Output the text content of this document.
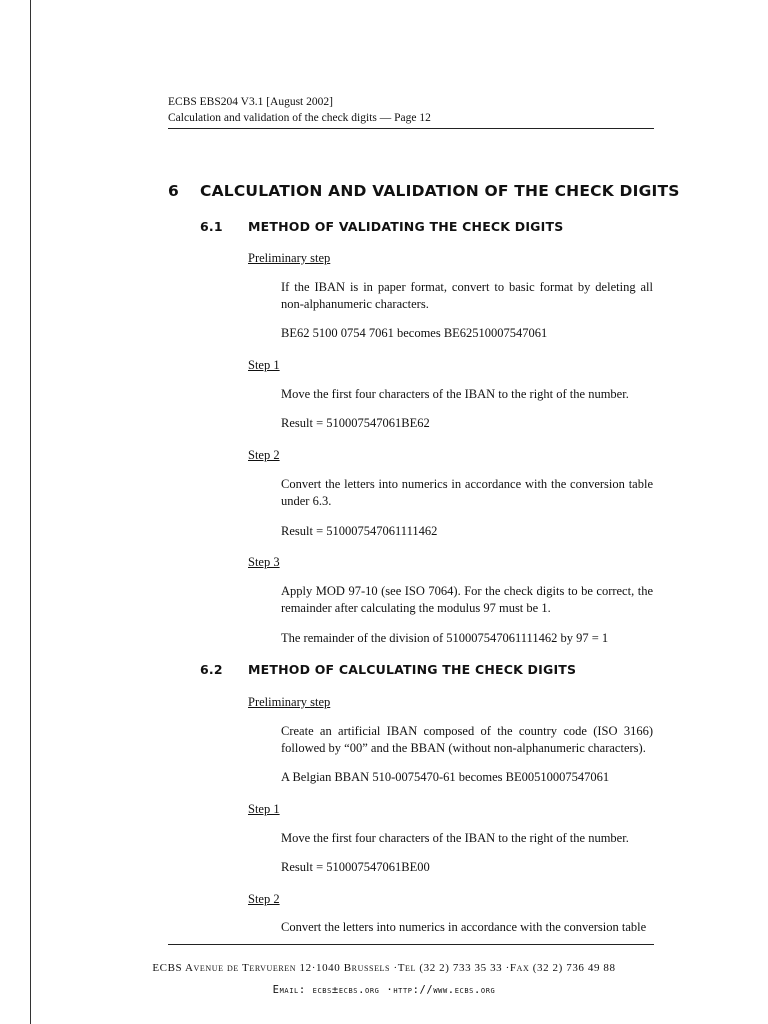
ECBS EBS204 V3.1 [August 2002]
Calculation and validation of the check digits — Page 12
6 CALCULATION AND VALIDATION OF THE CHECK DIGITS
6.1 METHOD OF VALIDATING THE CHECK DIGITS
Preliminary step
If the IBAN is in paper format, convert to basic format by deleting all non-alphanumeric characters.
BE62 5100 0754 7061 becomes BE62510007547061
Step 1
Move the first four characters of the IBAN to the right of the number.
Result = 510007547061BE62
Step 2
Convert the letters into numerics in accordance with the conversion table under 6.3.
Result = 510007547061111462
Step 3
Apply MOD 97-10 (see ISO 7064). For the check digits to be correct, the remainder after calculating the modulus 97 must be 1.
The remainder of the division of 510007547061111462 by 97 = 1
6.2 METHOD OF CALCULATING THE CHECK DIGITS
Preliminary step
Create an artificial IBAN composed of the country code (ISO 3166) followed by “00” and the BBAN (without non-alphanumeric characters).
A Belgian BBAN 510-0075470-61 becomes BE00510007547061
Step 1
Move the first four characters of the IBAN to the right of the number.
Result = 510007547061BE00
Step 2
Convert the letters into numerics in accordance with the conversion table
ECBS Avenue de Tervueren 12·1040 Brussels ·Tel (32 2) 733 35 33 ·Fax (32 2) 736 49 88
Email: ecbs±ecbs.org ·http://www.ecbs.org
